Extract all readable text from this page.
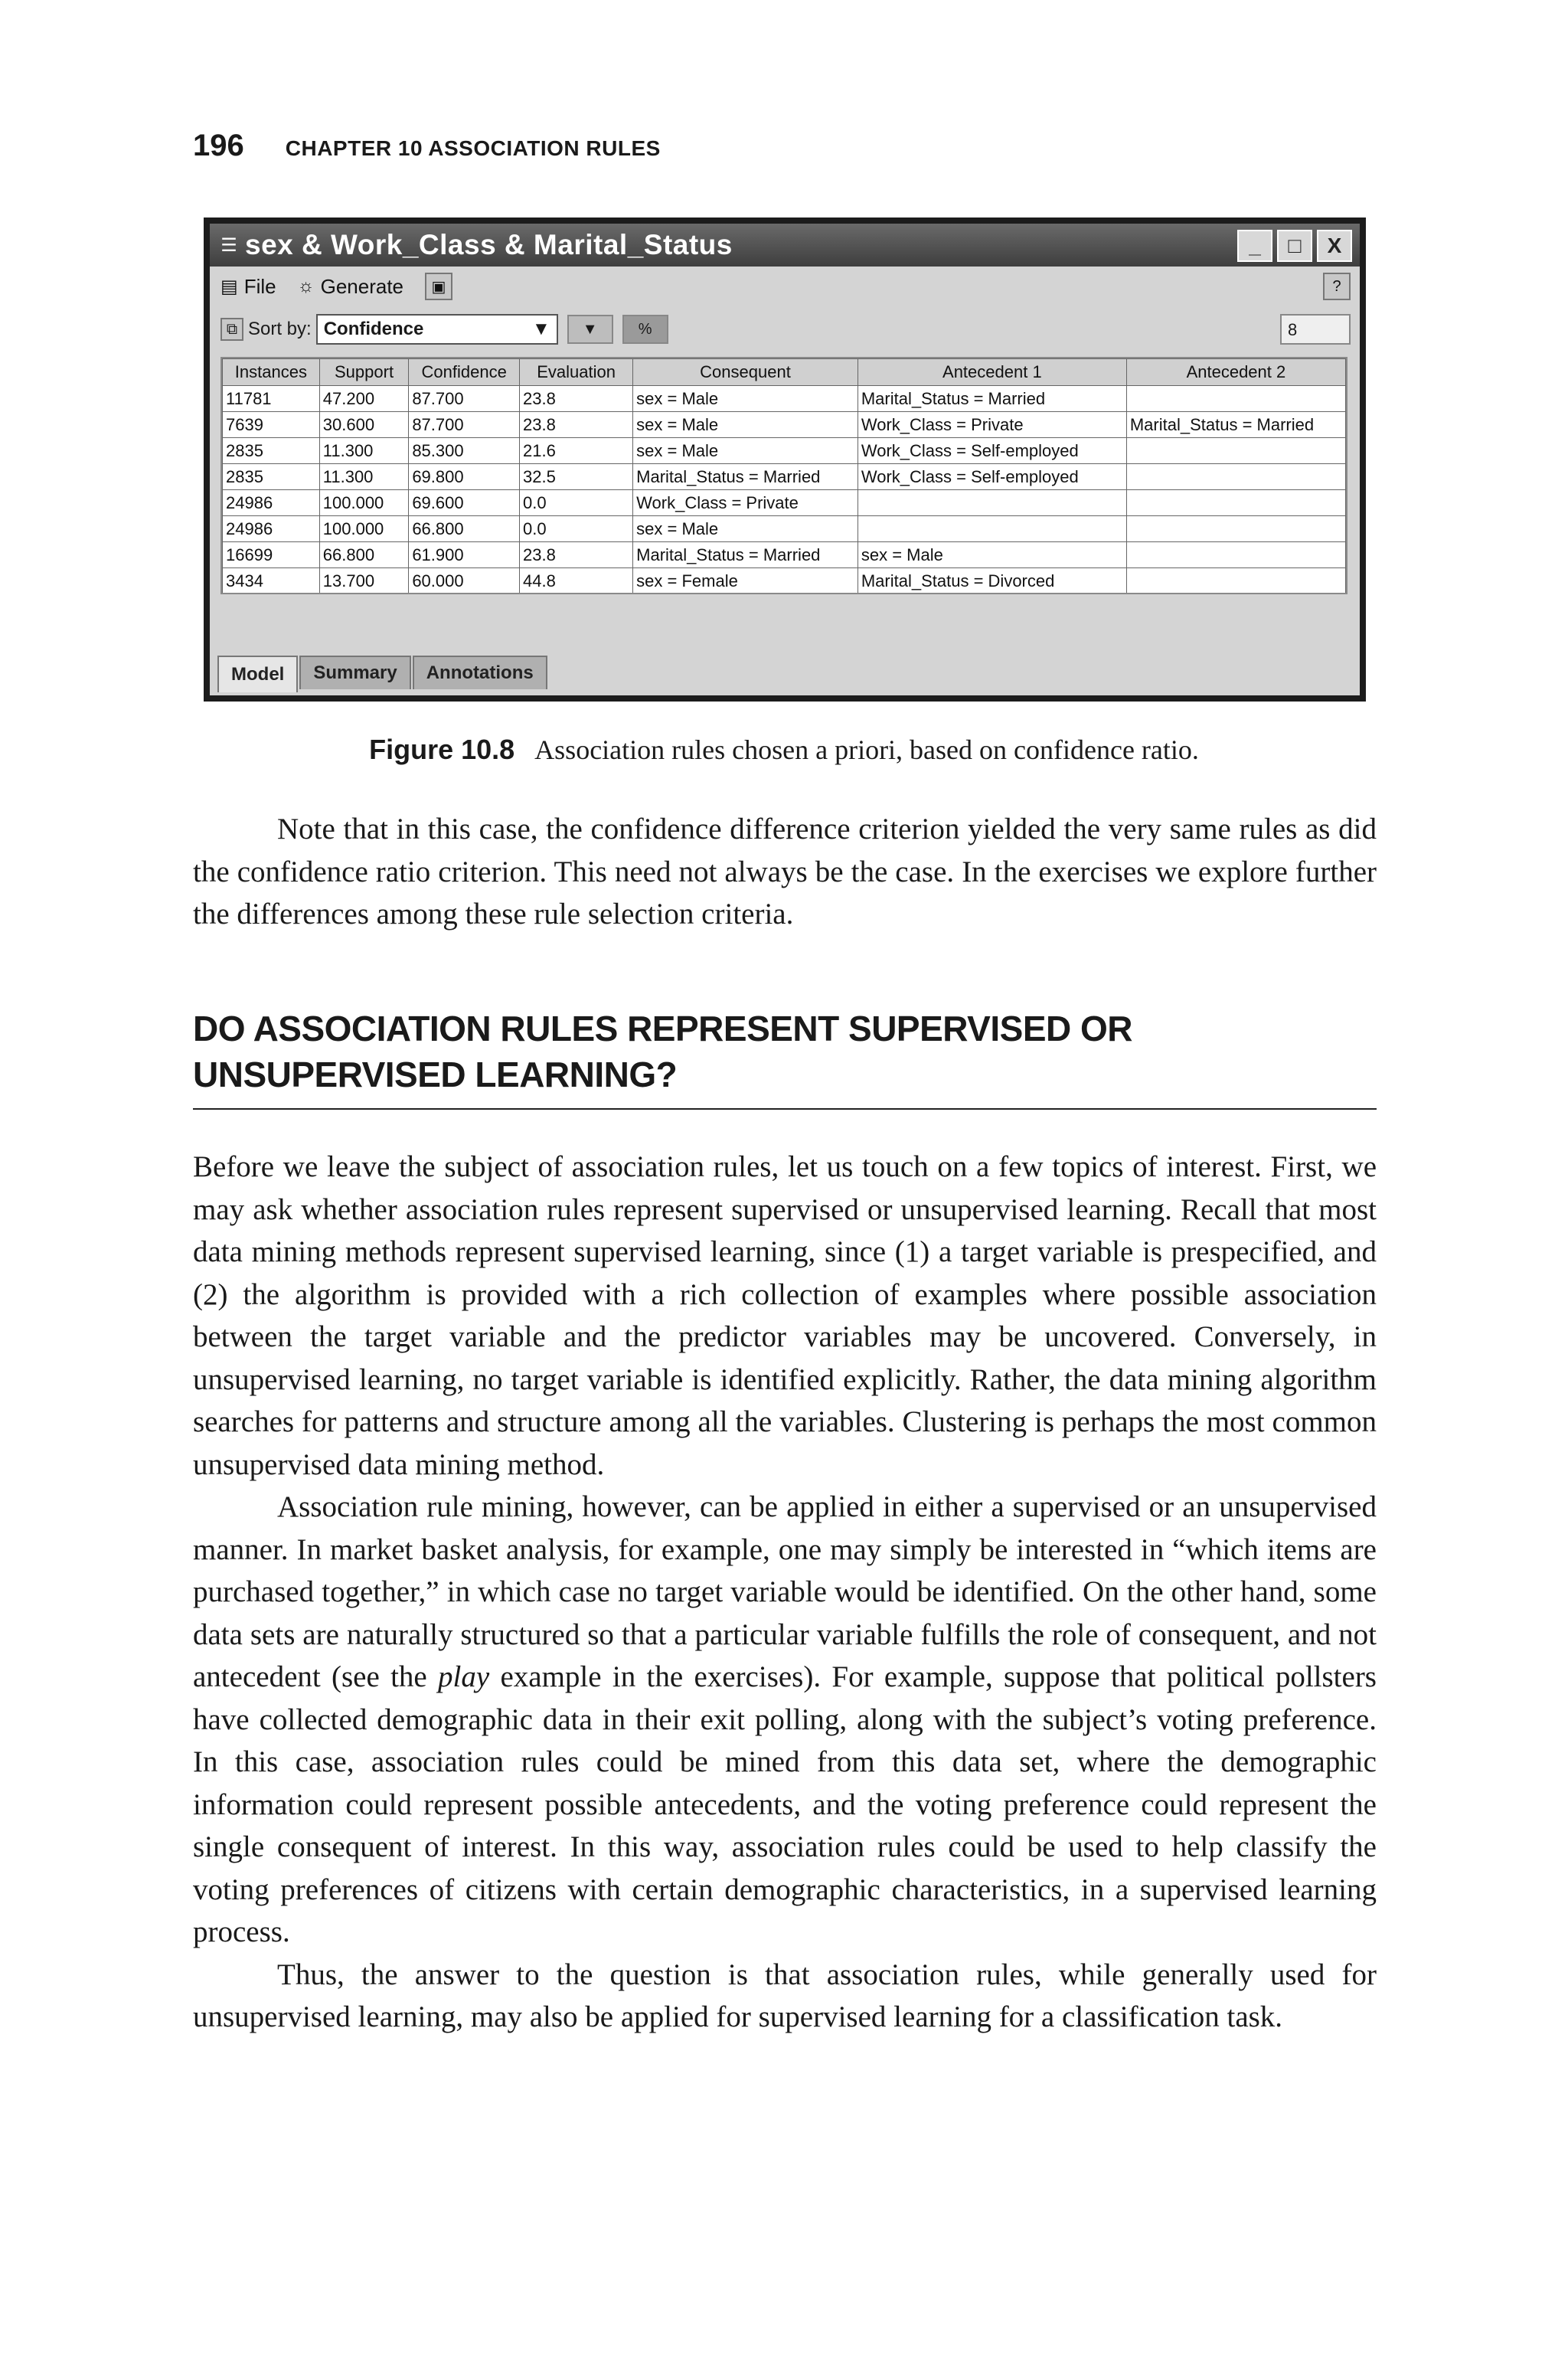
196 CHAPTER 10 ASSOCIATION RULES
☰ sex & Work_Class & Marital_Status	_	□	X
▤ File ☼ Generate	▣	?
⧉ Sort by: Confidence	▼	▼	%	8
Instances	Support	Confidence	Evaluation	Consequent	Antecedent 1	Antecedent 2
11781	47.200	87.700	23.8	sex = Male	Marital_Status = Married	
7639	30.600	87.700	23.8	sex = Male	Work_Class = Private	Marital_Status = Married
2835	11.300	85.300	21.6	sex = Male	Work_Class = Self-employed	
2835	11.300	69.800	32.5	Marital_Status = Married	Work_Class = Self-employed	
24986	100.000	69.600	0.0	Work_Class = Private		
24986	100.000	66.800	0.0	sex = Male		
16699	66.800	61.900	23.8	Marital_Status = Married	sex = Male	
3434	13.700	60.000	44.8	sex = Female	Marital_Status = Divorced	
Model	Summary	Annotations
Figure 10.8 Association rules chosen a priori, based on confidence ratio.

Note that in this case, the confidence difference criterion yielded the very same rules as did the confidence ratio criterion. This need not always be the case. In the exercises we explore further the differences among these rule selection criteria.

DO ASSOCIATION RULES REPRESENT SUPERVISED OR UNSUPERVISED LEARNING?

Before we leave the subject of association rules, let us touch on a few topics of interest. First, we may ask whether association rules represent supervised or unsupervised learning. Recall that most data mining methods represent supervised learning, since (1) a target variable is prespecified, and (2) the algorithm is provided with a rich collection of examples where possible association between the target variable and the predictor variables may be uncovered. Conversely, in unsupervised learning, no target variable is identified explicitly. Rather, the data mining algorithm searches for patterns and structure among all the variables. Clustering is perhaps the most common unsupervised data mining method.

Association rule mining, however, can be applied in either a supervised or an unsupervised manner. In market basket analysis, for example, one may simply be interested in “which items are purchased together,” in which case no target variable would be identified. On the other hand, some data sets are naturally structured so that a particular variable fulfills the role of consequent, and not antecedent (see the play example in the exercises). For example, suppose that political pollsters have collected demographic data in their exit polling, along with the subject’s voting preference. In this case, association rules could be mined from this data set, where the demographic information could represent possible antecedents, and the voting preference could represent the single consequent of interest. In this way, association rules could be used to help classify the voting preferences of citizens with certain demographic characteristics, in a supervised learning process.

Thus, the answer to the question is that association rules, while generally used for unsupervised learning, may also be applied for supervised learning for a classification task.
